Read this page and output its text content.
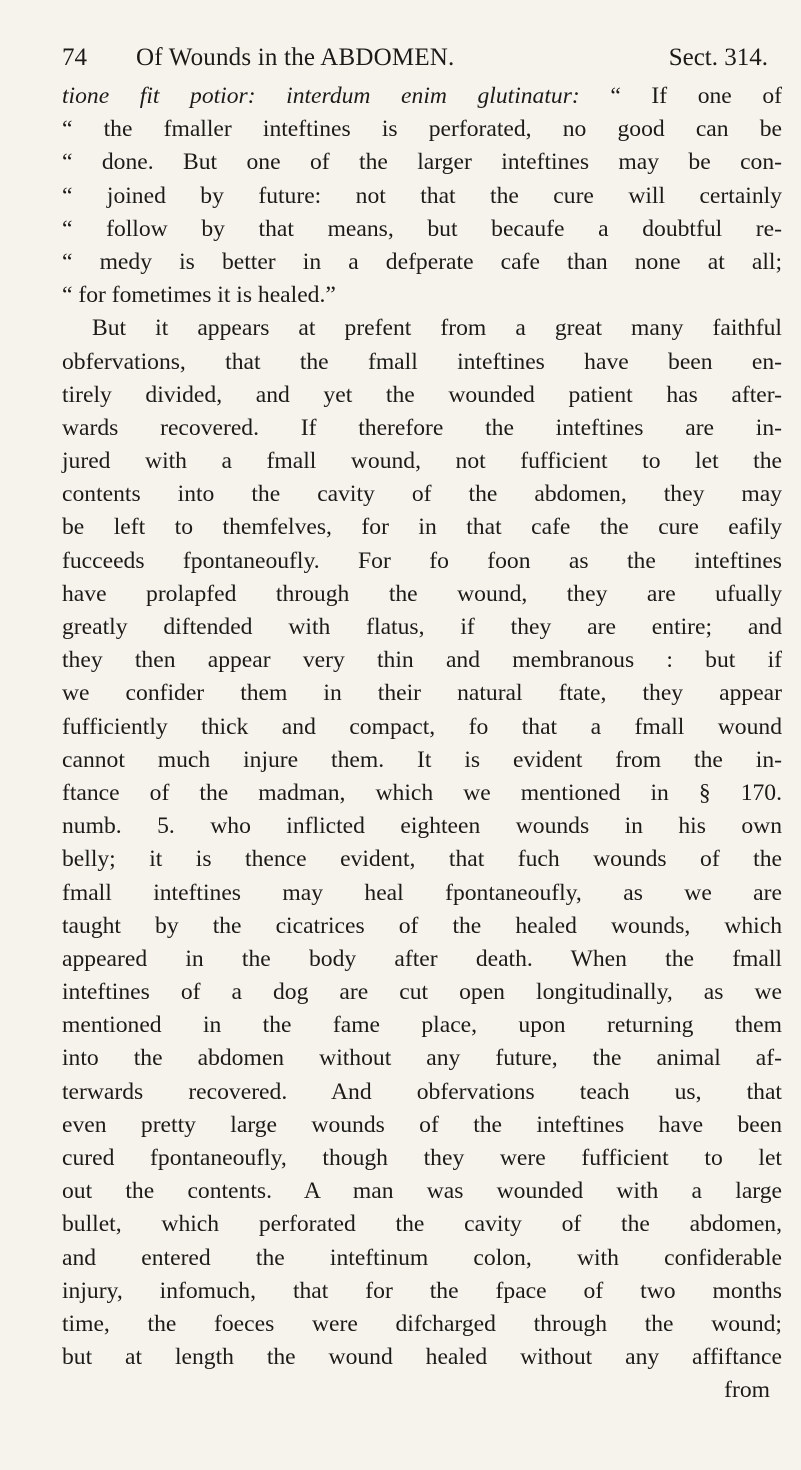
74 Of Wounds in the ABDOMEN.	Sect. 314.
tione fit potior: interdum enim glutinatur: “ If one of
“ the fmaller inteftines is perforated, no good can be
“ done. But one of the larger inteftines may be con-
“ joined by future: not that the cure will certainly
“ follow by that means, but becaufe a doubtful re-
“ medy is better in a defperate cafe than none at all;
“ for fometimes it is healed.”
But it appears at prefent from a great many faithful
obfervations, that the fmall inteftines have been en-
tirely divided, and yet the wounded patient has after-
wards recovered. If therefore the inteftines are in-
jured with a fmall wound, not fufficient to let the
contents into the cavity of the abdomen, they may
be left to themfelves, for in that cafe the cure eafily
fucceeds fpontaneoufly. For fo foon as the inteftines
have prolapfed through the wound, they are ufually
greatly diftended with flatus, if they are entire; and
they then appear very thin and membranous : but if
we confider them in their natural ftate, they appear
fufficiently thick and compact, fo that a fmall wound
cannot much injure them. It is evident from the in-
ftance of the madman, which we mentioned in § 170.
numb. 5. who inflicted eighteen wounds in his own
belly; it is thence evident, that fuch wounds of the
fmall inteftines may heal fpontaneoufly, as we are
taught by the cicatrices of the healed wounds, which
appeared in the body after death. When the fmall
inteftines of a dog are cut open longitudinally, as we
mentioned in the fame place, upon returning them
into the abdomen without any future, the animal af-
terwards recovered. And obfervations teach us, that
even pretty large wounds of the inteftines have been
cured fpontaneoufly, though they were fufficient to let
out the contents. A man was wounded with a large
bullet, which perforated the cavity of the abdomen,
and entered the inteftinum colon, with confiderable
injury, infomuch, that for the fpace of two months
time, the foeces were difcharged through the wound;
but at length the wound healed without any affiftance
from
